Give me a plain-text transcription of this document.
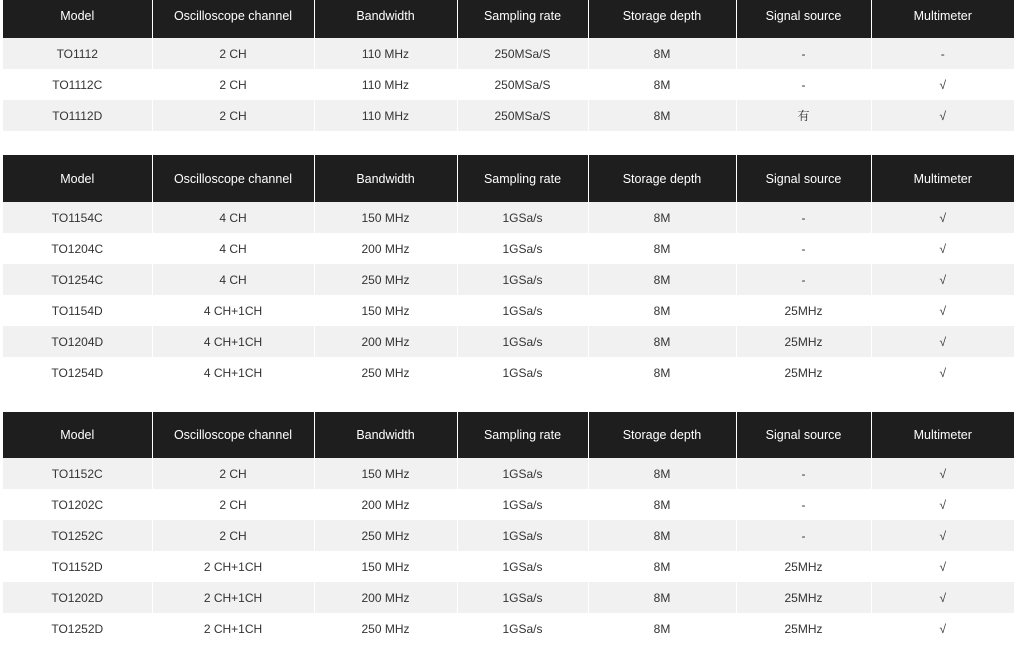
Model	Oscilloscope channel	Bandwidth	Sampling rate	Storage depth	Signal source	Multimeter
TO1112	2 CH	110 MHz	250MSa/S	8M	-	-
TO1112C	2 CH	110 MHz	250MSa/S	8M	-	√
TO1112D	2 CH	110 MHz	250MSa/S	8M	有	√
Model	Oscilloscope channel	Bandwidth	Sampling rate	Storage depth	Signal source	Multimeter
TO1154C	4 CH	150 MHz	1GSa/s	8M	-	√
TO1204C	4 CH	200 MHz	1GSa/s	8M	-	√
TO1254C	4 CH	250 MHz	1GSa/s	8M	-	√
TO1154D	4 CH+1CH	150 MHz	1GSa/s	8M	25MHz	√
TO1204D	4 CH+1CH	200 MHz	1GSa/s	8M	25MHz	√
TO1254D	4 CH+1CH	250 MHz	1GSa/s	8M	25MHz	√
Model	Oscilloscope channel	Bandwidth	Sampling rate	Storage depth	Signal source	Multimeter
TO1152C	2 CH	150 MHz	1GSa/s	8M	-	√
TO1202C	2 CH	200 MHz	1GSa/s	8M	-	√
TO1252C	2 CH	250 MHz	1GSa/s	8M	-	√
TO1152D	2 CH+1CH	150 MHz	1GSa/s	8M	25MHz	√
TO1202D	2 CH+1CH	200 MHz	1GSa/s	8M	25MHz	√
TO1252D	2 CH+1CH	250 MHz	1GSa/s	8M	25MHz	√
